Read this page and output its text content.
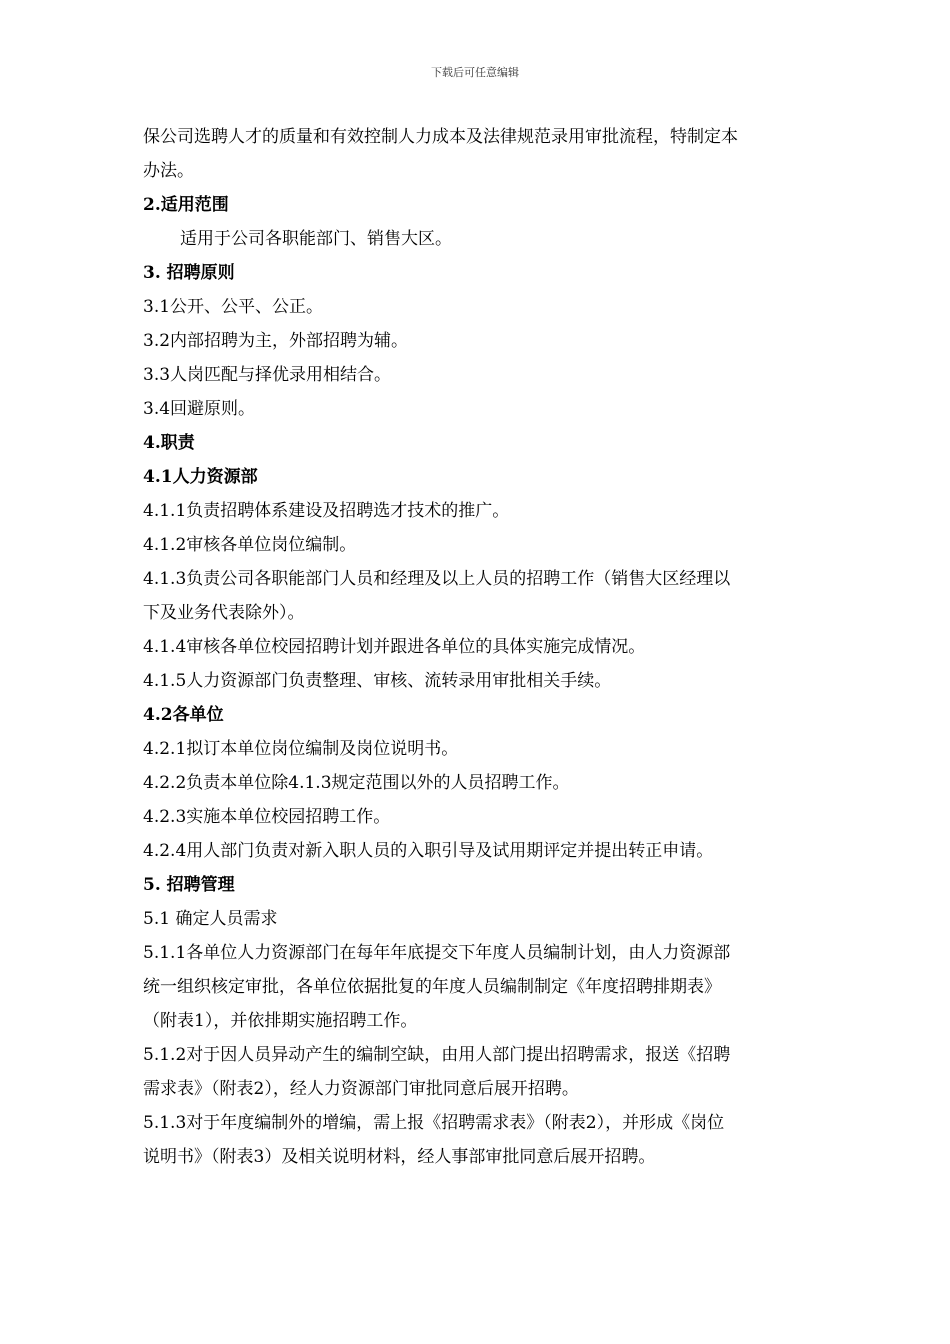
下载后可任意编辑
保公司选聘人才的质量和有效控制人力成本及法律规范录用审批流程，特制定本
办法。
2.适用范围
适用于公司各职能部门、销售大区。
3. 招聘原则
3.1公开、公平、公正。
3.2内部招聘为主，外部招聘为辅。
3.3人岗匹配与择优录用相结合。
3.4回避原则。
4.职责
4.1人力资源部
4.1.1负责招聘体系建设及招聘选才技术的推广。
4.1.2审核各单位岗位编制。
4.1.3负责公司各职能部门人员和经理及以上人员的招聘工作（销售大区经理以
下及业务代表除外）。
4.1.4审核各单位校园招聘计划并跟进各单位的具体实施完成情况。
4.1.5人力资源部门负责整理、审核、流转录用审批相关手续。
4.2各单位
4.2.1拟订本单位岗位编制及岗位说明书。
4.2.2负责本单位除4.1.3规定范围以外的人员招聘工作。
4.2.3实施本单位校园招聘工作。
4.2.4用人部门负责对新入职人员的入职引导及试用期评定并提出转正申请。
5. 招聘管理
5.1 确定人员需求
5.1.1各单位人力资源部门在每年年底提交下年度人员编制计划，由人力资源部
统一组织核定审批，各单位依据批复的年度人员编制制定《年度招聘排期表》
（附表1），并依排期实施招聘工作。
5.1.2对于因人员异动产生的编制空缺，由用人部门提出招聘需求，报送《招聘
需求表》（附表2），经人力资源部门审批同意后展开招聘。
5.1.3对于年度编制外的增编，需上报《招聘需求表》（附表2），并形成《岗位
说明书》（附表3）及相关说明材料，经人事部审批同意后展开招聘。
